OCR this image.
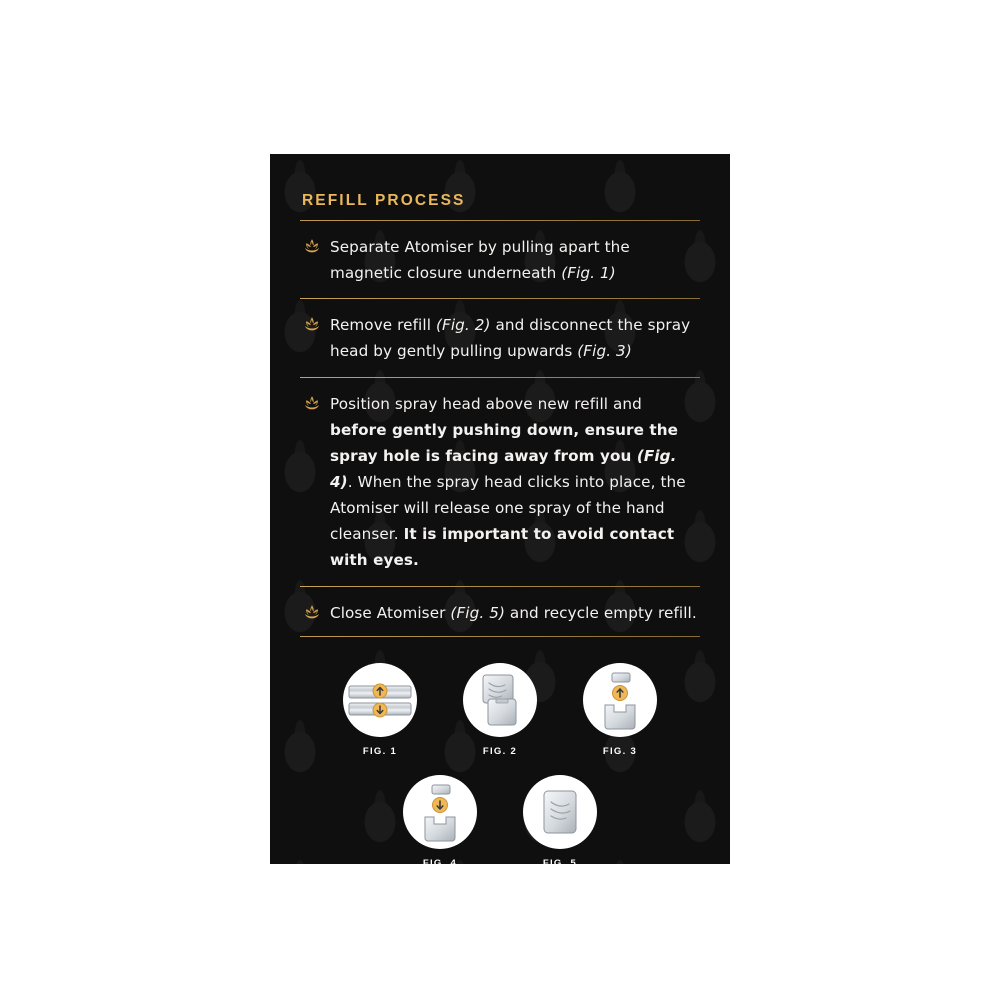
REFILL PROCESS
Separate Atomiser by pulling apart the magnetic closure underneath (Fig. 1)
Remove refill (Fig. 2) and disconnect the spray head by gently pulling upwards (Fig. 3)
Position spray head above new refill and before gently pushing down, ensure the spray hole is facing away from you (Fig. 4). When the spray head clicks into place, the Atomiser will release one spray of the hand cleanser. It is important to avoid contact with eyes.
Close Atomiser (Fig. 5) and recycle empty refill.
FIG. 1	FIG. 2	FIG. 3
FIG. 4	FIG. 5
